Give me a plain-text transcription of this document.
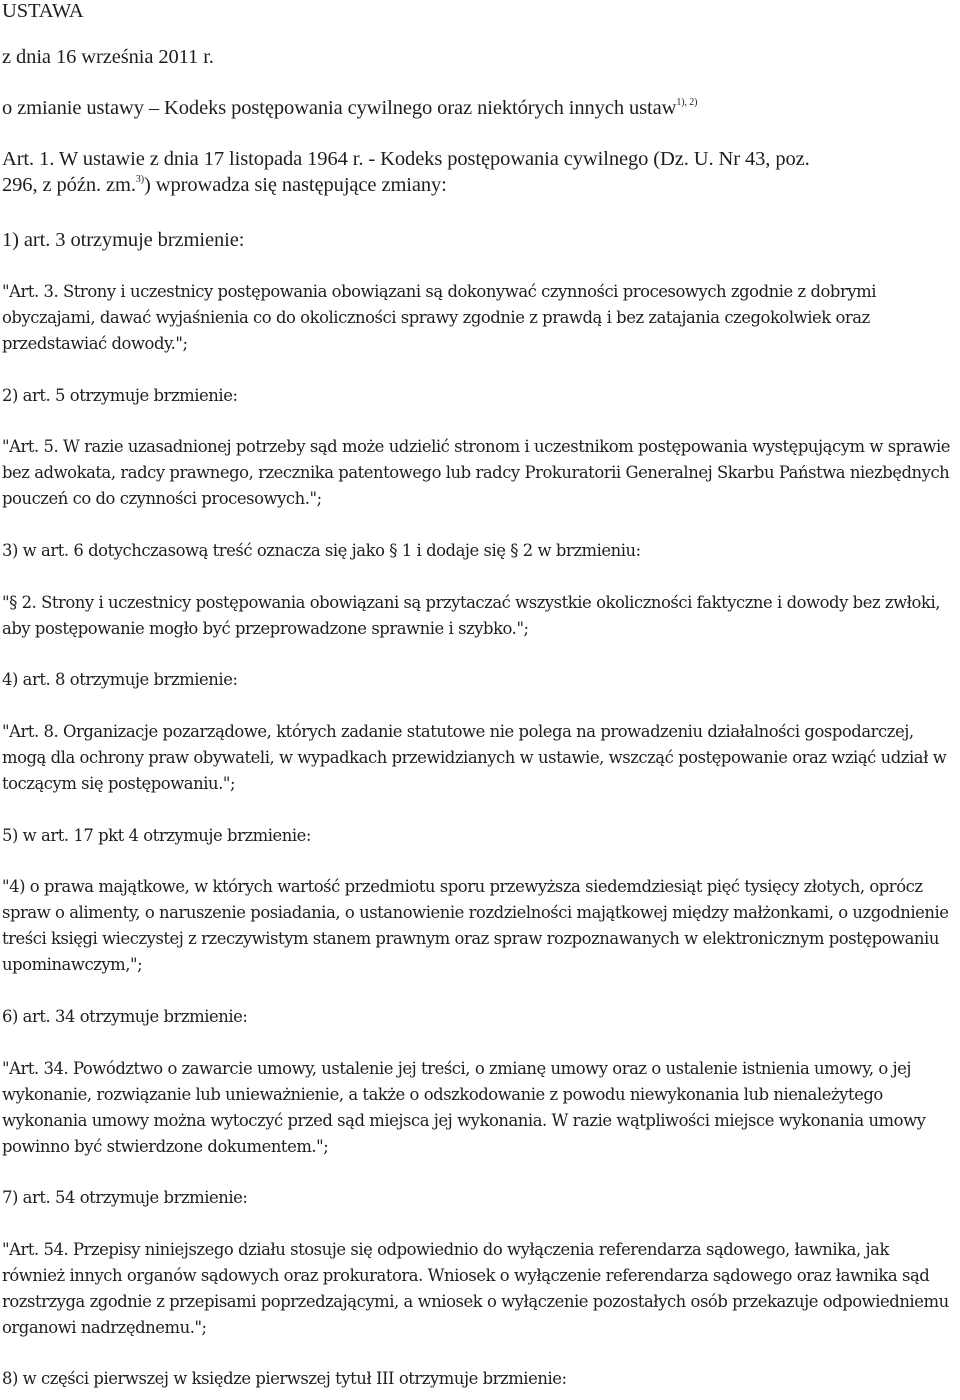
USTAWA

z dnia 16 września 2011 r.

o zmianie ustawy – Kodeks postępowania cywilnego oraz niektórych innych ustaw$^{1), 2)}$

Art. 1. W ustawie z dnia 17 listopada 1964 r. - Kodeks postępowania cywilnego (Dz. U. Nr 43, poz.

296, z późn. zm.$^{3)}$) wprowadza się następujące zmiany:

1) art. 3 otrzymuje brzmienie:

"Art. 3. Strony i uczestnicy postępowania obowiązani są dokonywać czynności procesowych zgodnie z dobrymi obyczajami, dawać wyjaśnienia co do okoliczności sprawy zgodnie z prawdą i bez zatajania czegokolwiek oraz przedstawiać dowody.";

2) art. 5 otrzymuje brzmienie:

"Art. 5. W razie uzasadnionej potrzeby sąd może udzielić stronom i uczestnikom postępowania występującym w sprawie bez adwokata, radcy prawnego, rzecznika patentowego lub radcy Prokuratorii Generalnej Skarbu Państwa niezbędnych pouczeń co do czynności procesowych.";

3) w art. 6 dotychczasową treść oznacza się jako § 1 i dodaje się § 2 w brzmieniu:

"§ 2. Strony i uczestnicy postępowania obowiązani są przytaczać wszystkie okoliczności faktyczne i dowody bez zwłoki, aby postępowanie mogło być przeprowadzone sprawnie i szybko.";

4) art. 8 otrzymuje brzmienie:

"Art. 8. Organizacje pozarządowe, których zadanie statutowe nie polega na prowadzeniu działalności gospodarczej, mogą dla ochrony praw obywateli, w wypadkach przewidzianych w ustawie, wszcząć postępowanie oraz wziąć udział w toczącym się postępowaniu.";

5) w art. 17 pkt 4 otrzymuje brzmienie:

"4) o prawa majątkowe, w których wartość przedmiotu sporu przewyższa siedemdziesiąt pięć tysięcy złotych, oprócz spraw o alimenty, o naruszenie posiadania, o ustanowienie rozdzielności majątkowej między małżonkami, o uzgodnienie treści księgi wieczystej z rzeczywistym stanem prawnym oraz spraw rozpoznawanych w elektronicznym postępowaniu upominawczym,";

6) art. 34 otrzymuje brzmienie:

"Art. 34. Powództwo o zawarcie umowy, ustalenie jej treści, o zmianę umowy oraz o ustalenie istnienia umowy, o jej wykonanie, rozwiązanie lub unieważnienie, a także o odszkodowanie z powodu niewykonania lub nienależytego wykonania umowy można wytoczyć przed sąd miejsca jej wykonania. W razie wątpliwości miejsce wykonania umowy powinno być stwierdzone dokumentem.";

7) art. 54 otrzymuje brzmienie:

"Art. 54. Przepisy niniejszego działu stosuje się odpowiednio do wyłączenia referendarza sądowego, ławnika, jak również innych organów sądowych oraz prokuratora. Wniosek o wyłączenie referendarza sądowego oraz ławnika sąd rozstrzyga zgodnie z przepisami poprzedzającymi, a wniosek o wyłączenie pozostałych osób przekazuje odpowiedniemu organowi nadrzędnemu.";

8) w części pierwszej w księdze pierwszej tytuł III otrzymuje brzmienie:
